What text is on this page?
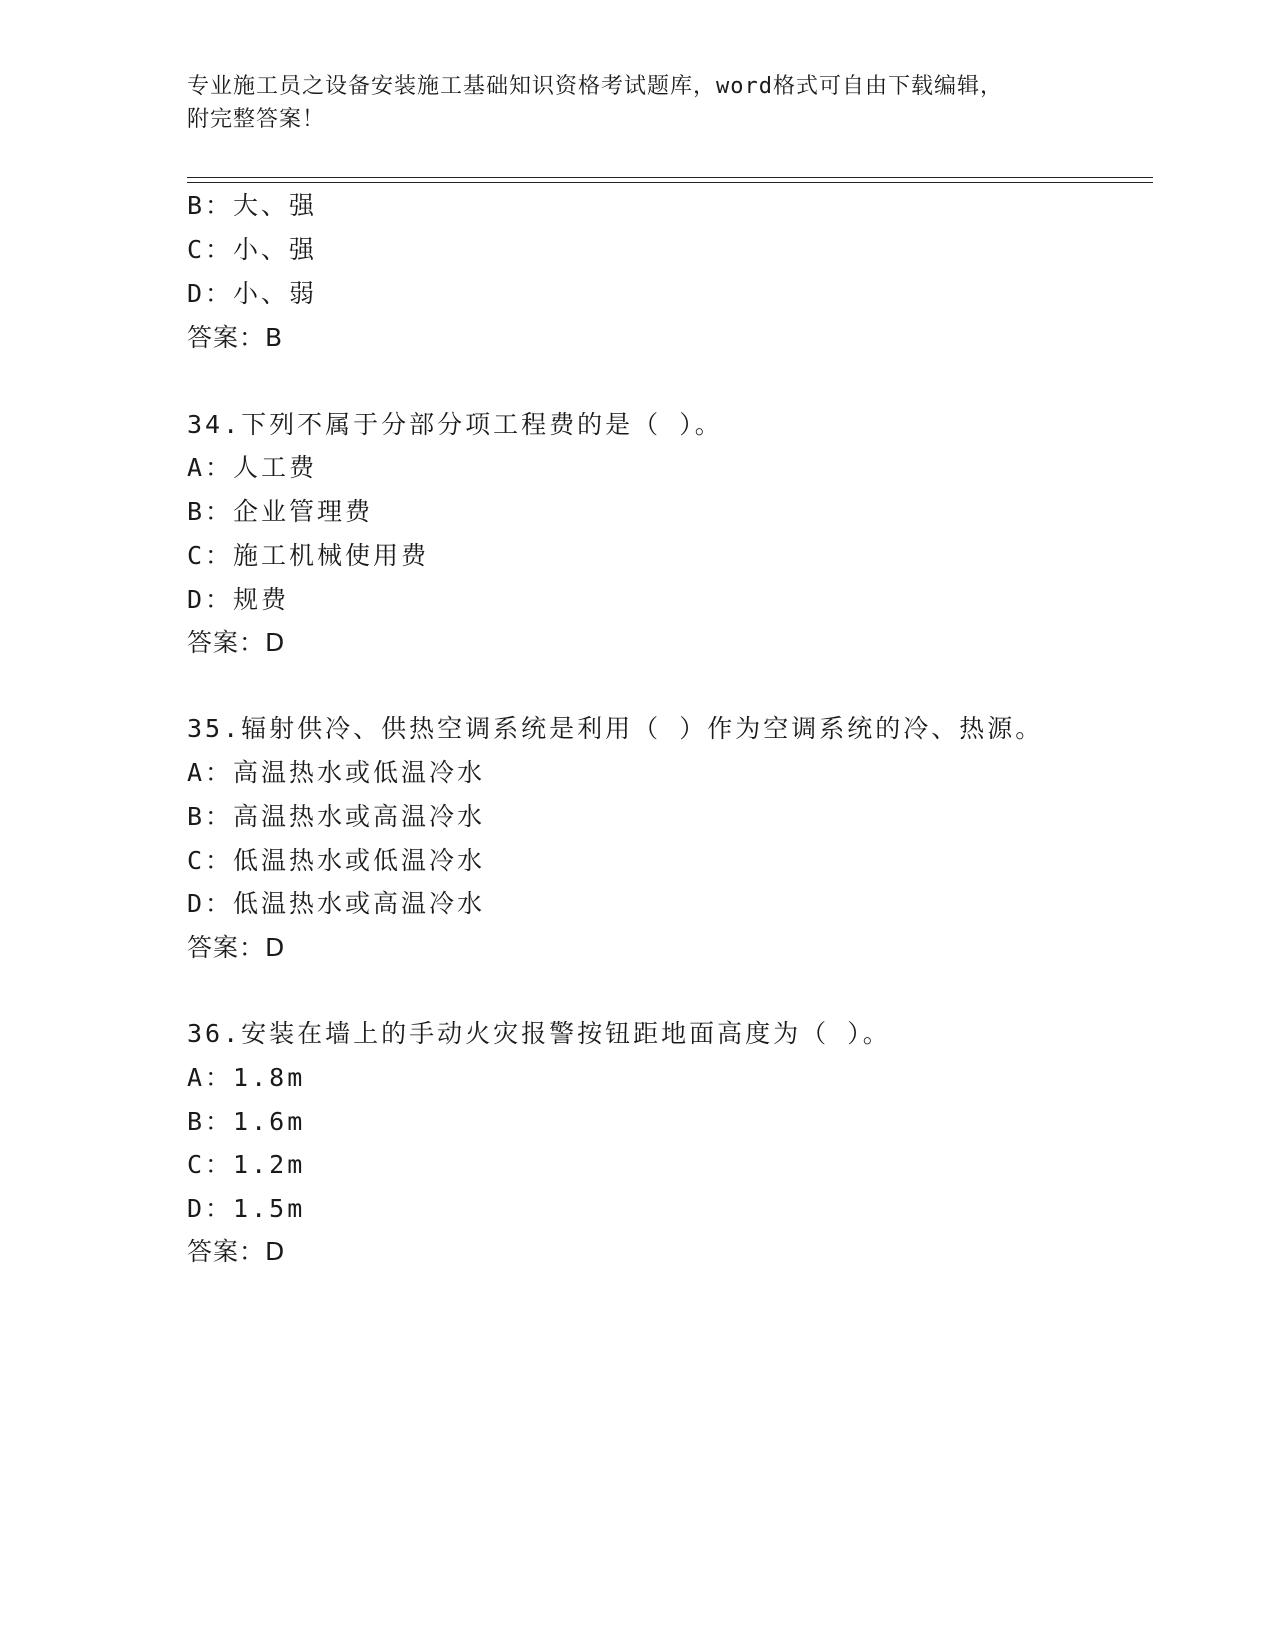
专业施工员之设备安装施工基础知识资格考试题库，word格式可自由下载编辑，
附完整答案！
B：大、强
C：小、强
D：小、弱
答案：B
34.下列不属于分部分项工程费的是（ ）。
A：人工费
B：企业管理费
C：施工机械使用费
D：规费
答案：D
35.辐射供冷、供热空调系统是利用（ ）作为空调系统的冷、热源。
A：高温热水或低温冷水
B：高温热水或高温冷水
C：低温热水或低温冷水
D：低温热水或高温冷水
答案：D
36.安装在墙上的手动火灾报警按钮距地面高度为（ ）。
A：1.8m
B：1.6m
C：1.2m
D：1.5m
答案：D
